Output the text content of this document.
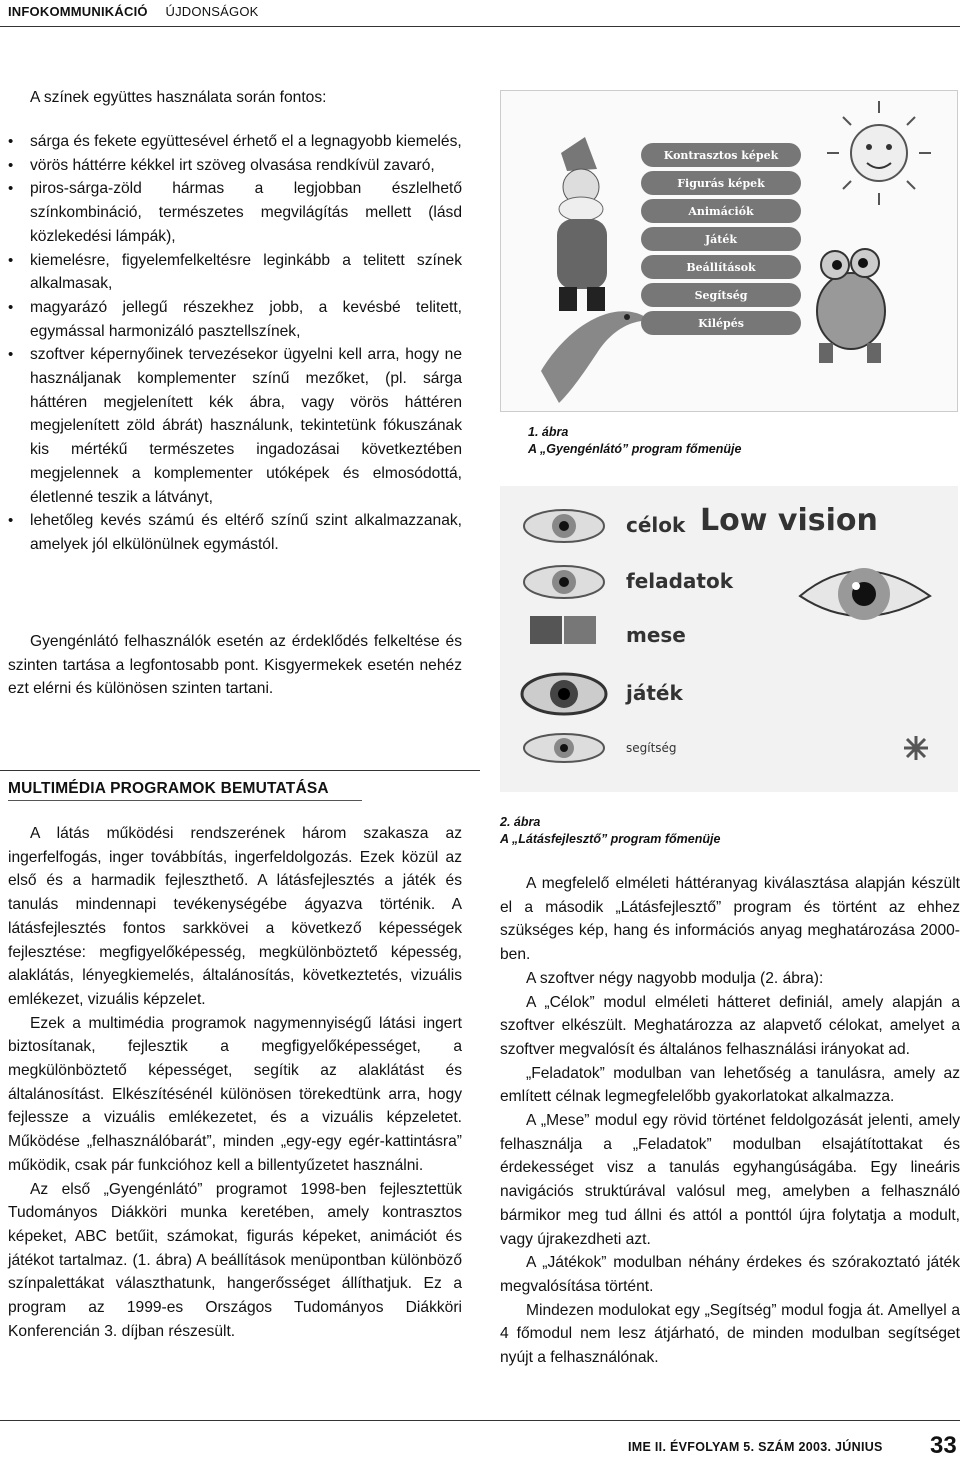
INFOKOMMUNIKÁCIÓ ÚJDONSÁGOK
A színek együttes használata során fontos:
• sárga és fekete együttesével érhető el a legnagyobb kiemelés,
• vörös háttérre kékkel irt szöveg olvasása rendkívül zavaró,
• piros-sárga-zöld hármas a legjobban észlelhető színkombináció, természetes megvilágítás mellett (lásd közlekedési lámpák),
• kiemelésre, figyelemfelkeltésre leginkább a telitett színek alkalmasak,
• magyarázó jellegű részekhez jobb, a kevésbé telitett, egymással harmonizáló pasztellszínek,
• szoftver képernyőinek tervezésekor ügyelni kell arra, hogy ne használjanak komplementer színű mezőket, (pl. sárga háttéren megjelenített kék ábra, vagy vörös háttéren megjelenített zöld ábrát) használunk, tekintetünk fókuszának kis mértékű természetes ingadozásai következtében megjelennek a komplementer utóképek és elmosódottá, életlenné teszik a látványt,
• lehetőleg kevés számú és eltérő színű szint alkalmazzanak, amelyek jól elkülönülnek egymástól.
Gyengénlátó felhasználók esetén az érdeklődés felkeltése és szinten tartása a legfontosabb pont. Kisgyermekek esetén nehéz ezt elérni és különösen szinten tartani.
MULTIMÉDIA PROGRAMOK BEMUTATÁSA

A látás működési rendszerének három szakasza az ingerfelfogás, inger továbbítás, ingerfeldolgozás. Ezek közül az első és a harmadik fejleszthető. A látásfejlesztés a játék és tanulás mindennapi tevékenységébe ágyazva történik. A látásfejlesztés fontos sarkkövei a következő képességek fejlesztése: megfigyelőképesség, megkülönböztető képesség, alaklátás, lényegkiemelés, általánosítás, következtetés, vizuális emlékezet, vizuális képzelet.

Ezek a multimédia programok nagymennyiségű látási ingert biztosítanak, fejlesztik a megfigyelőképességet, a megkülönböztető képességet, segítik az alaklátást és általánosítást. Elkészítésénél különösen törekedtünk arra, hogy fejlessze a vizuális emlékezetet, és a vizuális képzeletet. Működése „felhasználóbarát”, minden „egy-egy egér-kattintásra” működik, csak pár funkcióhoz kell a billentyűzetet használni.

Az első „Gyengénlátó” programot 1998-ben fejlesztettük Tudományos Diákköri munka keretében, amely kontrasztos képeket, ABC betűit, számokat, figurás képeket, animációt és játékot tartalmaz. (1. ábra) A beállítások menüpontban különböző színpalettákat választhatunk, hangerősséget állíthatjuk. Ez a program az 1999-es Országos Tudományos Diákköri Konferencián 3. díjban részesült.

Kontrasztos képek
Figurás képek
Animációk
Játék
Beállítások
Segítség
Kilépés
1. ábra
A „Gyengénlátó” program főmenüje
Low vision
célok
feladatok
mese
játék
segítség
2. ábra
A „Látásfejlesztő” program főmenüje

A megfelelő elméleti háttéranyag kiválasztása alapján készült el a második „Látásfejlesztő” program és történt az ehhez szükséges kép, hang és információs anyag meghatározása 2000-ben.

A szoftver négy nagyobb modulja (2. ábra):

A „Célok” modul elméleti hátteret definiál, amely alapján a szoftver elkészült. Meghatározza az alapvető célokat, amelyet a szoftver megvalósít és általános felhasználási irányokat ad.

„Feladatok” modulban van lehetőség a tanulásra, amely az említett célnak legmegfelelőbb gyakorlatokat alkalmazza.

A „Mese” modul egy rövid történet feldolgozását jelenti, amely felhasználja a „Feladatok” modulban elsajátítottakat és érdekességet visz a tanulás egyhangúságába. Egy lineáris navigációs struktúrával valósul meg, amelyben a felhasználó bármikor meg tud állni és attól a ponttól újra folytatja a modult, vagy újrakezdheti azt.

A „Játékok” modulban néhány érdekes és szórakoztató játék megvalósítása történt.

Mindezen modulokat egy „Segítség” modul fogja át. Amellyel a 4 főmodul nem lesz átjárható, de minden modulban segítséget nyújt a felhasználónak.

IME II. ÉVFOLYAM 5. SZÁM 2003. JÚNIUS 33
